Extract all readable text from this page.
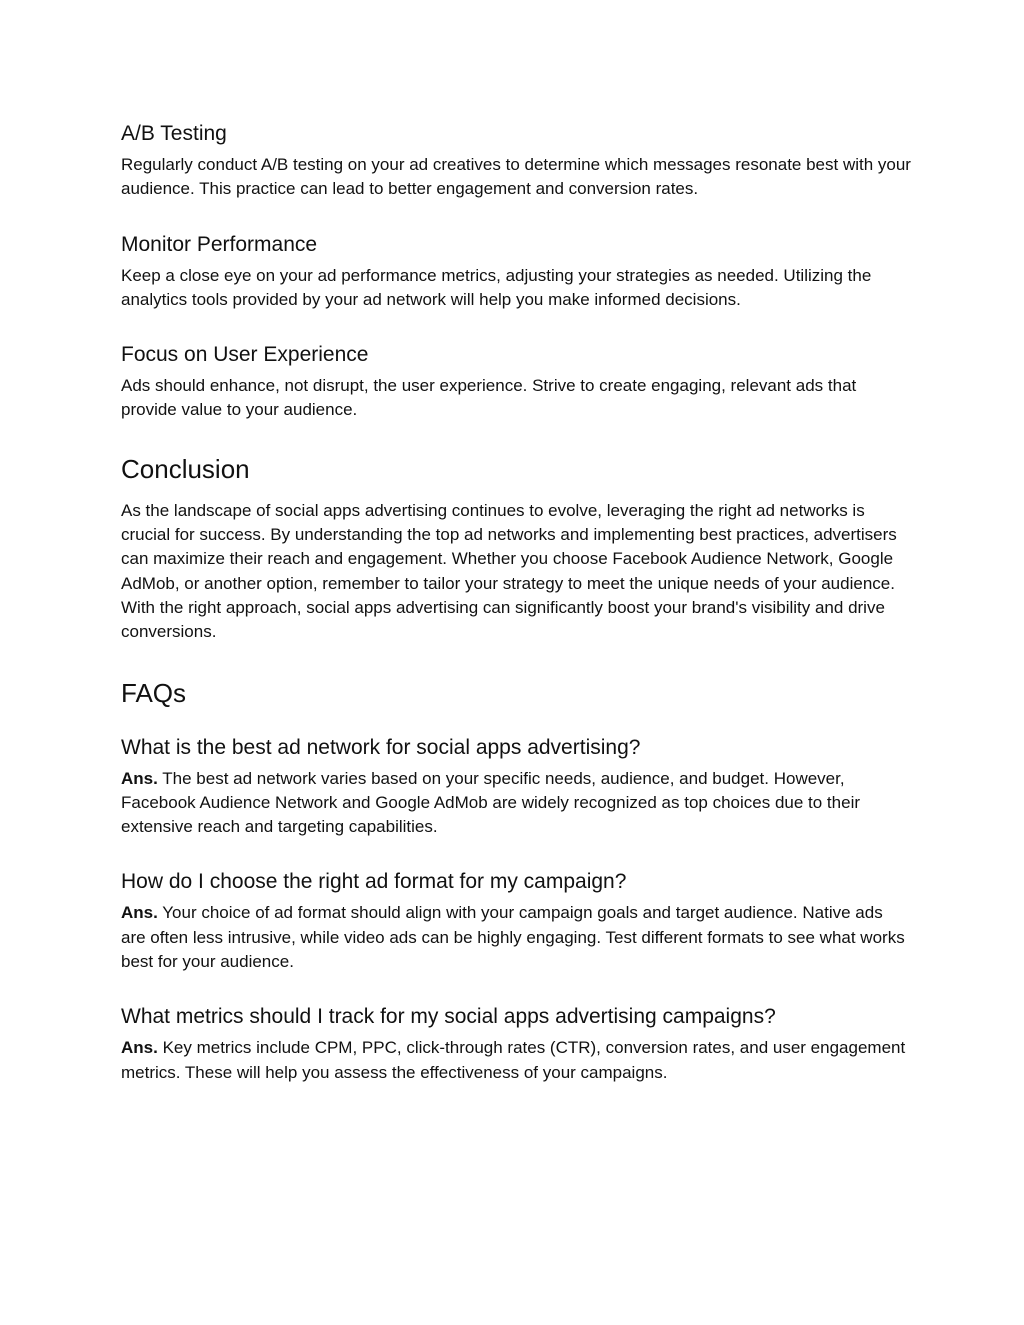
A/B Testing

Regularly conduct A/B testing on your ad creatives to determine which messages resonate best with your audience. This practice can lead to better engagement and conversion rates.

Monitor Performance

Keep a close eye on your ad performance metrics, adjusting your strategies as needed. Utilizing the analytics tools provided by your ad network will help you make informed decisions.

Focus on User Experience

Ads should enhance, not disrupt, the user experience. Strive to create engaging, relevant ads that provide value to your audience.

Conclusion

As the landscape of social apps advertising continues to evolve, leveraging the right ad networks is crucial for success. By understanding the top ad networks and implementing best practices, advertisers can maximize their reach and engagement. Whether you choose Facebook Audience Network, Google AdMob, or another option, remember to tailor your strategy to meet the unique needs of your audience. With the right approach, social apps advertising can significantly boost your brand's visibility and drive conversions.

FAQs
What is the best ad network for social apps advertising?

Ans. The best ad network varies based on your specific needs, audience, and budget. However, Facebook Audience Network and Google AdMob are widely recognized as top choices due to their extensive reach and targeting capabilities.

How do I choose the right ad format for my campaign?

Ans. Your choice of ad format should align with your campaign goals and target audience. Native ads are often less intrusive, while video ads can be highly engaging. Test different formats to see what works best for your audience.

What metrics should I track for my social apps advertising campaigns?

Ans. Key metrics include CPM, PPC, click-through rates (CTR), conversion rates, and user engagement metrics. These will help you assess the effectiveness of your campaigns.
